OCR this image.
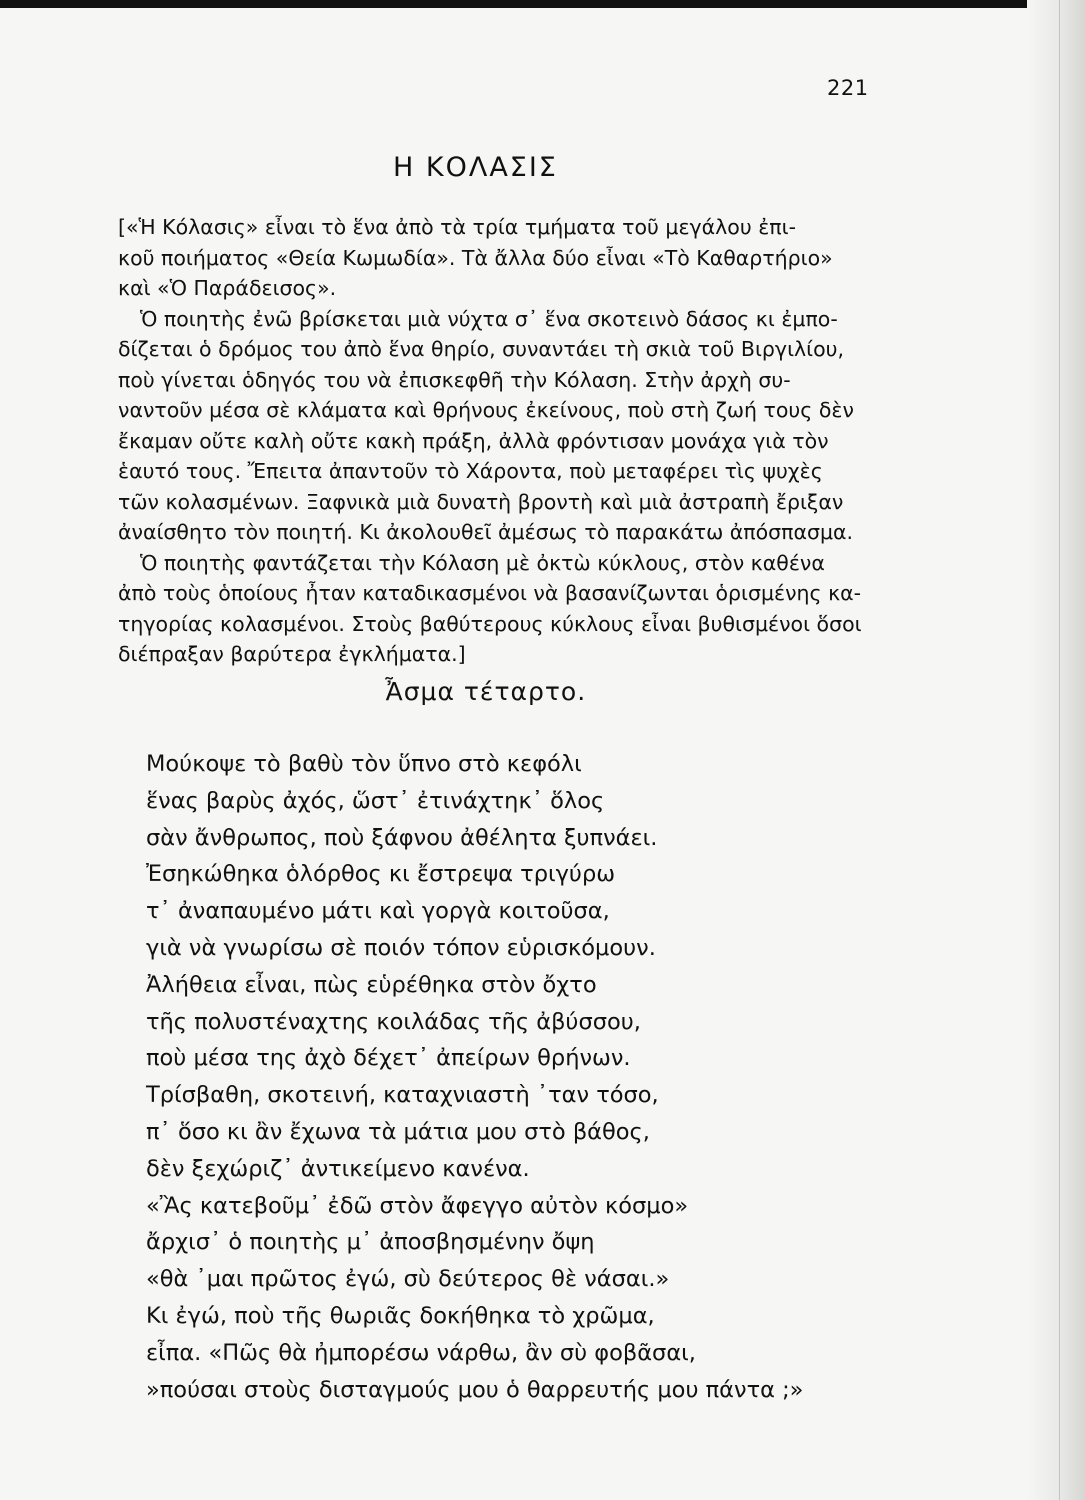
221
Η ΚΟΛΑΣΙΣ
[«Ἡ Κόλασις» εἶναι τὸ ἕνα ἀπὸ τὰ τρία τμήματα τοῦ μεγάλου ἐπι-
κοῦ ποιήματος «Θεία Κωμωδία». Τὰ ἄλλα δύο εἶναι «Τὸ Καθαρτήριο»
καὶ «Ὁ Παράδεισος».
Ὁ ποιητὴς ἐνῶ βρίσκεται μιὰ νύχτα σ᾽ ἕνα σκοτεινὸ δάσος κι ἐμπο-
δίζεται ὁ δρόμος του ἀπὸ ἕνα θηρίο, συναντάει τὴ σκιὰ τοῦ Βιργιλίου,
ποὺ γίνεται ὁδηγός του νὰ ἐπισκεφθῆ τὴν Κόλαση. Στὴν ἀρχὴ συ-
ναντοῦν μέσα σὲ κλάματα καὶ θρήνους ἐκείνους, ποὺ στὴ ζωή τους δὲν
ἔκαμαν οὔτε καλὴ οὔτε κακὴ πράξη, ἀλλὰ φρόντισαν μονάχα γιὰ τὸν
ἑαυτό τους. Ἔπειτα ἀπαντοῦν τὸ Χάροντα, ποὺ μεταφέρει τὶς ψυχὲς
τῶν κολασμένων. Ξαφνικὰ μιὰ δυνατὴ βροντὴ καὶ μιὰ ἀστραπὴ ἔριξαν
ἀναίσθητο τὸν ποιητή. Κι ἀκολουθεῖ ἀμέσως τὸ παρακάτω ἀπόσπασμα.
Ὁ ποιητὴς φαντάζεται τὴν Κόλαση μὲ ὀκτὼ κύκλους, στὸν καθένα
ἀπὸ τοὺς ὁποίους ἦταν καταδικασμένοι νὰ βασανίζωνται ὁρισμένης κα-
τηγορίας κολασμένοι. Στοὺς βαθύτερους κύκλους εἶναι βυθισμένοι ὅσοι
διέπραξαν βαρύτερα ἐγκλήματα.]
Ἆσμα τέταρτο.
Μούκοψε τὸ βαθὺ τὸν ὕπνο στὸ κεφόλι
ἕνας βαρὺς ἀχός, ὥστ᾽ ἐτινάχτηκ᾽ ὅλος
σὰν ἄνθρωπος, ποὺ ξάφνου ἀθέλητα ξυπνάει.
Ἐσηκώθηκα ὁλόρθος κι ἔστρεψα τριγύρω
τ᾽ ἀναπαυμένο μάτι καὶ γοργὰ κοιτοῦσα,
γιὰ νὰ γνωρίσω σὲ ποιόν τόπον εὑρισκόμουν.
Ἀλήθεια εἶναι, πὼς εὑρέθηκα στὸν ὄχτο
τῆς πολυστέναχτης κοιλάδας τῆς ἀβύσσου,
ποὺ μέσα της ἀχὸ δέχετ᾽ ἀπείρων θρήνων.
Τρίσβαθη, σκοτεινή, καταχνιαστὴ ᾽ταν τόσο,
π᾽ ὅσο κι ἂν ἔχωνα τὰ μάτια μου στὸ βάθος,
δὲν ξεχώριζ᾽ ἀντικείμενο κανένα.
«Ἂς κατεβοῦμ᾽ ἐδῶ στὸν ἄφεγγο αὐτὸν κόσμο»
ἄρχισ᾽ ὁ ποιητὴς μ᾽ ἀποσβησμένην ὄψη
«θὰ ᾽μαι πρῶτος ἐγώ, σὺ δεύτερος θὲ νάσαι.»
Κι ἐγώ, ποὺ τῆς θωριᾶς δοκήθηκα τὸ χρῶμα,
εἶπα. «Πῶς θὰ ἠμπορέσω νάρθω, ἂν σὺ φοβᾶσαι,
»πούσαι στοὺς δισταγμούς μου ὁ θαρρευτής μου πάντα ;»
